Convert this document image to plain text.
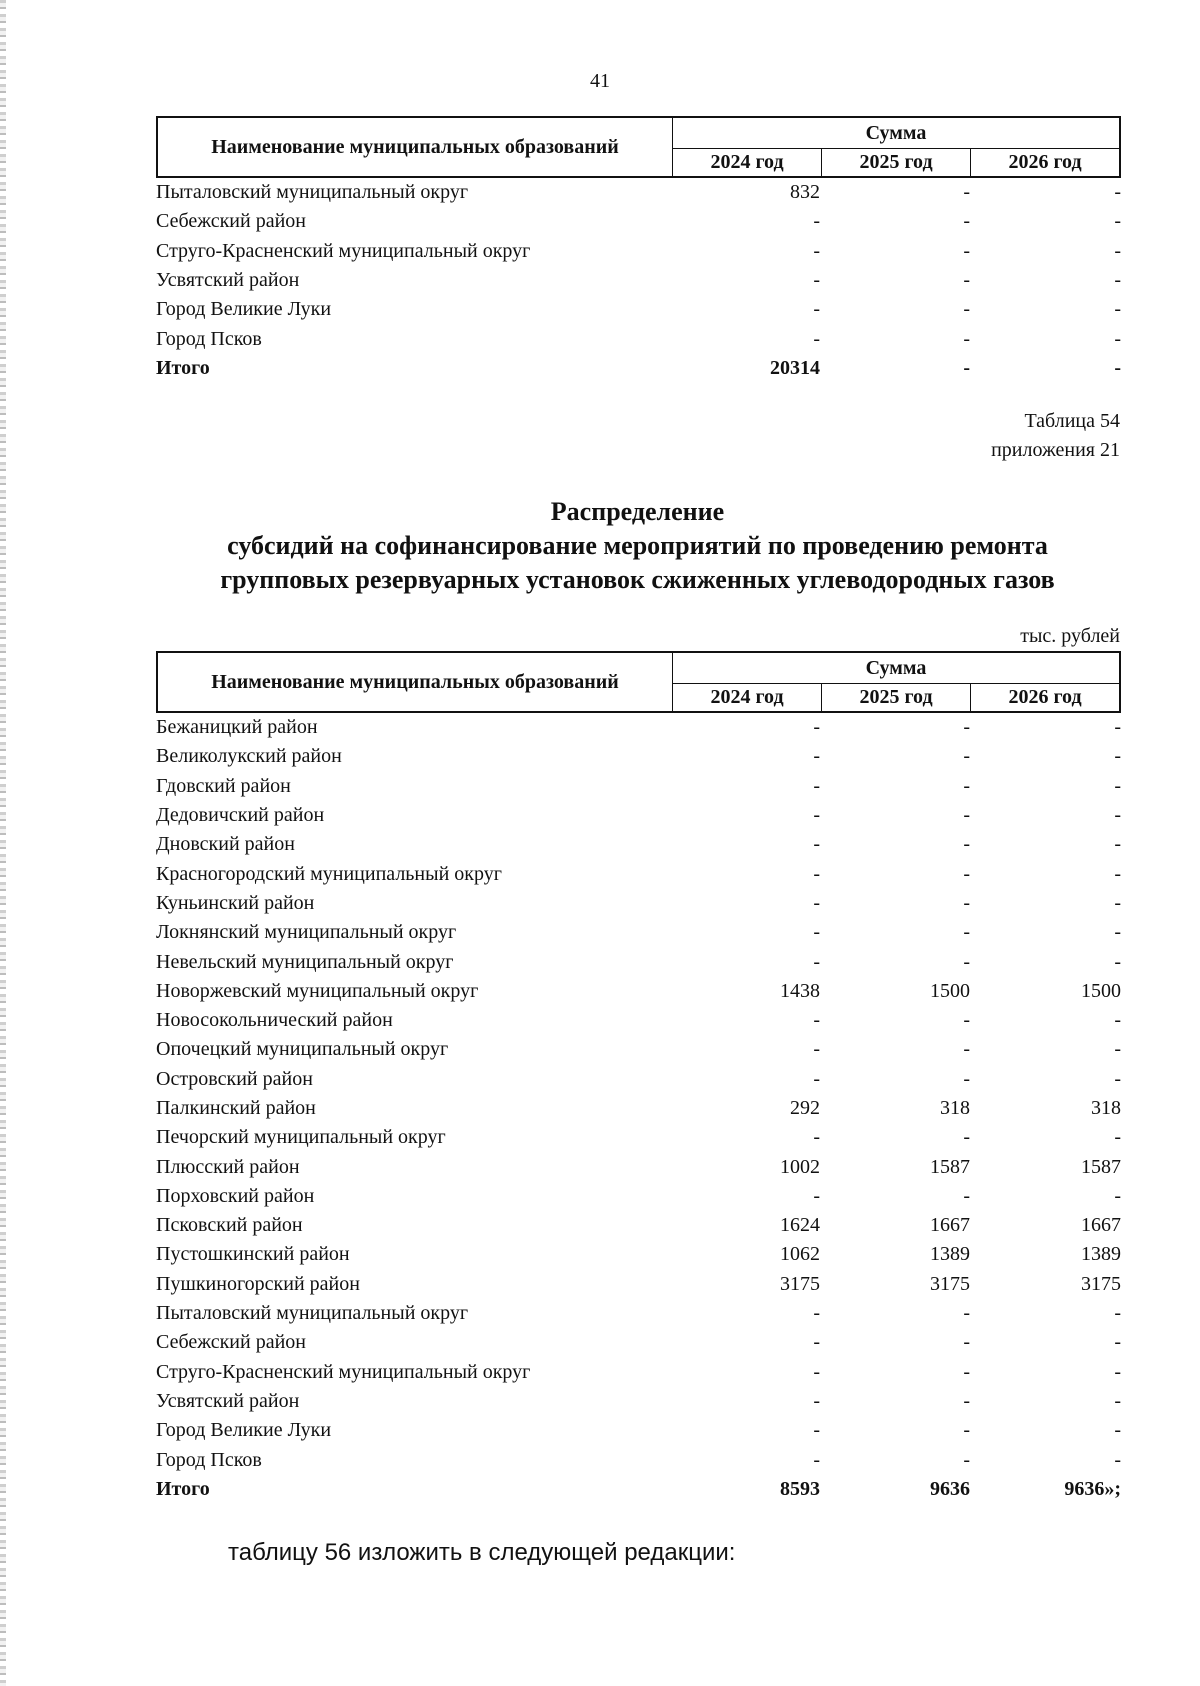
41
Наименование муниципальных образований
Сумма
2024 год	2025 год	2026 год
Пыталовский муниципальный округ	832	-	-
Себежский район	-	-	-
Струго-Красненский муниципальный округ	-	-	-
Усвятский район	-	-	-
Город Великие Луки	-	-	-
Город Псков	-	-	-
Итого	20314	-	-
Таблица 54
приложения 21
Распределение
субсидий на софинансирование мероприятий по проведению ремонта
групповых резервуарных установок сжиженных углеводородных газов
тыс. рублей
Наименование муниципальных образований
Сумма
2024 год	2025 год	2026 год
Бежаницкий район	-	-	-
Великолукский район	-	-	-
Гдовский район	-	-	-
Дедовичский район	-	-	-
Дновский район	-	-	-
Красногородский муниципальный округ	-	-	-
Куньинский район	-	-	-
Локнянский муниципальный округ	-	-	-
Невельский муниципальный округ	-	-	-
Новоржевский муниципальный округ	1438	1500	1500
Новосокольнический район	-	-	-
Опочецкий муниципальный округ	-	-	-
Островский район	-	-	-
Палкинский район	292	318	318
Печорский муниципальный округ	-	-	-
Плюсский район	1002	1587	1587
Порховский район	-	-	-
Псковский район	1624	1667	1667
Пустошкинский район	1062	1389	1389
Пушкиногорский район	3175	3175	3175
Пыталовский муниципальный округ	-	-	-
Себежский район	-	-	-
Струго-Красненский муниципальный округ	-	-	-
Усвятский район	-	-	-
Город Великие Луки	-	-	-
Город Псков	-	-	-
Итого	8593	9636	9636»;
таблицу 56 изложить в следующей редакции:
